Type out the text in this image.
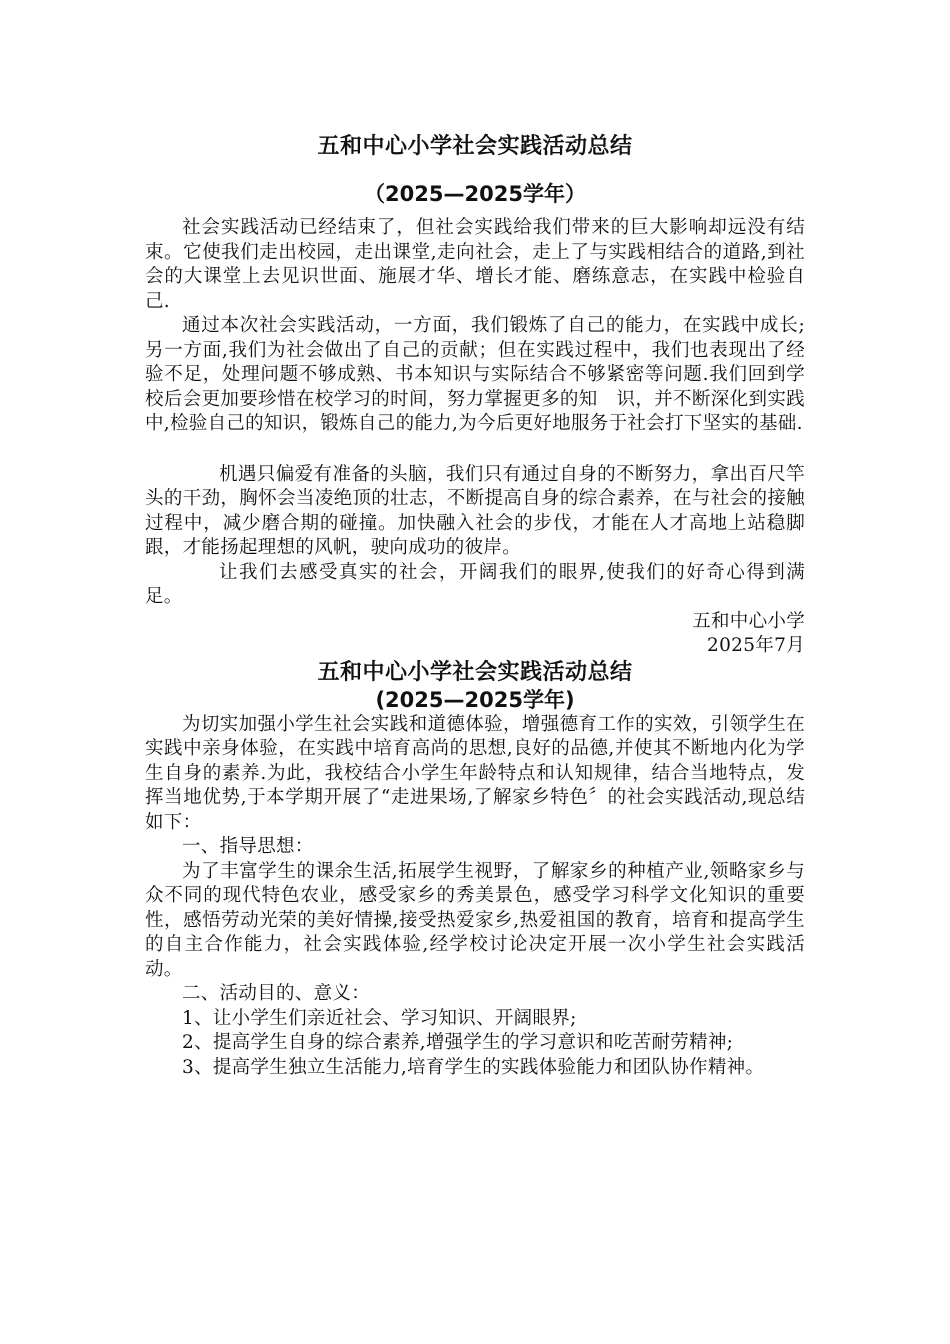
五和中心小学社会实践活动总结
（2025—2025学年）

社会实践活动已经结束了，但社会实践给我们带来的巨大影响却远没有结束。它使我们走出校园，走出课堂,走向社会，走上了与实践相结合的道路,到社会的大课堂上去见识世面、施展才华、增长才能、磨练意志，在实践中检验自己.

通过本次社会实践活动，一方面，我们锻炼了自己的能力，在实践中成长;另一方面,我们为社会做出了自己的贡献；但在实践过程中，我们也表现出了经验不足，处理问题不够成熟、书本知识与实际结合不够紧密等问题.我们回到学校后会更加要珍惜在校学习的时间，努力掌握更多的知　识，并不断深化到实践中,检验自己的知识，锻炼自己的能力,为今后更好地服务于社会打下坚实的基础.

机遇只偏爱有准备的头脑，我们只有通过自身的不断努力，拿出百尺竿头的干劲，胸怀会当凌绝顶的壮志，不断提高自身的综合素养，在与社会的接触过程中，减少磨合期的碰撞。加快融入社会的步伐，才能在人才高地上站稳脚跟，才能扬起理想的风帆，驶向成功的彼岸。

让我们去感受真实的社会，开阔我们的眼界,使我们的好奇心得到满足。

五和中心小学

2025年7月

五和中心小学社会实践活动总结
(2025—2025学年)

为切实加强小学生社会实践和道德体验，增强德育工作的实效，引领学生在实践中亲身体验，在实践中培育高尚的思想,良好的品德,并使其不断地内化为学生自身的素养.为此，我校结合小学生年龄特点和认知规律，结合当地特点，发挥当地优势,于本学期开展了“走进果场,了解家乡特色〞的社会实践活动,现总结如下：

一、指导思想：

为了丰富学生的课余生活,拓展学生视野，了解家乡的种植产业,领略家乡与众不同的现代特色农业，感受家乡的秀美景色，感受学习科学文化知识的重要性，感悟劳动光荣的美好情操,接受热爱家乡,热爱祖国的教育，培育和提高学生的自主合作能力，社会实践体验,经学校讨论决定开展一次小学生社会实践活动。

二、活动目的、意义：

1、让小学生们亲近社会、学习知识、开阔眼界;

2、提高学生自身的综合素养,增强学生的学习意识和吃苦耐劳精神;

3、提高学生独立生活能力,培育学生的实践体验能力和团队协作精神。
